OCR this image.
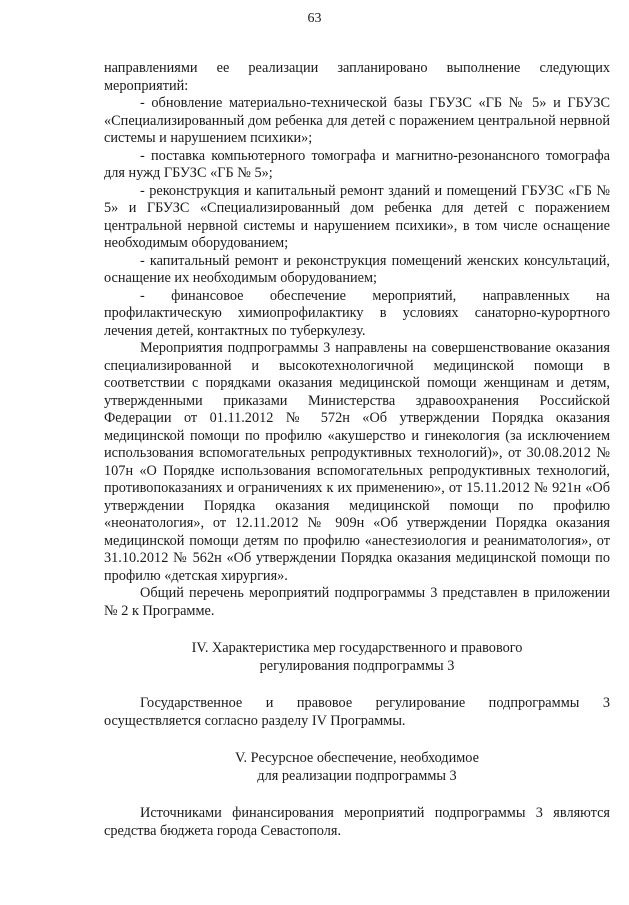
63

направлениями ее реализации запланировано выполнение следующих мероприятий:

- обновление материально-технической базы ГБУЗС «ГБ № 5» и ГБУЗС «Специализированный дом ребенка для детей с поражением центральной нервной системы и нарушением психики»;

- поставка компьютерного томографа и магнитно-резонансного томографа для нужд ГБУЗС «ГБ № 5»;

- реконструкция и капитальный ремонт зданий и помещений ГБУЗС «ГБ № 5» и ГБУЗС «Специализированный дом ребенка для детей с поражением центральной нервной системы и нарушением психики», в том числе оснащение необходимым оборудованием;

- капитальный ремонт и реконструкция помещений женских консультаций, оснащение их необходимым оборудованием;

- финансовое обеспечение мероприятий, направленных на профилактическую химиопрофилактику в условиях санаторно-курортного лечения детей, контактных по туберкулезу.

Мероприятия подпрограммы 3 направлены на совершенствование оказания специализированной и высокотехнологичной медицинской помощи в соответствии с порядками оказания медицинской помощи женщинам и детям, утвержденными приказами Министерства здравоохранения Российской Федерации от 01.11.2012 № 572н «Об утверждении Порядка оказания медицинской помощи по профилю «акушерство и гинекология (за исключением использования вспомогательных репродуктивных технологий)», от 30.08.2012 № 107н «О Порядке использования вспомогательных репродуктивных технологий, противопоказаниях и ограничениях к их применению», от 15.11.2012 № 921н «Об утверждении Порядка оказания медицинской помощи по профилю «неонатология», от 12.11.2012 № 909н «Об утверждении Порядка оказания медицинской помощи детям по профилю «анестезиология и реаниматология», от 31.10.2012 № 562н «Об утверждении Порядка оказания медицинской помощи по профилю «детская хирургия».

Общий перечень мероприятий подпрограммы 3 представлен в приложении № 2 к Программе.

IV. Характеристика мер государственного и правового

регулирования подпрограммы 3

Государственное и правовое регулирование подпрограммы 3 осуществляется согласно разделу IV Программы.

V. Ресурсное обеспечение, необходимое

для реализации подпрограммы 3

Источниками финансирования мероприятий подпрограммы 3 являются средства бюджета города Севастополя.
